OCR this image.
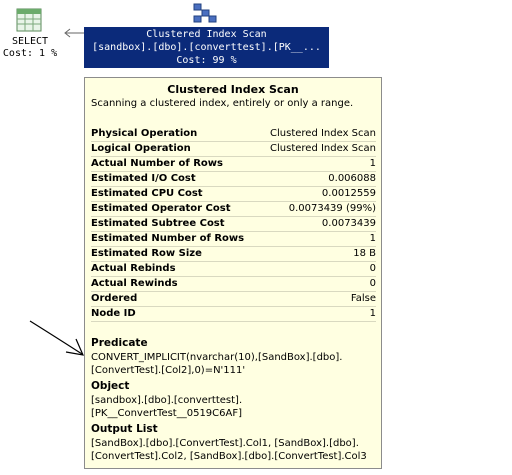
SELECT
Cost: 1 %
Clustered Index Scan
[sandbox].[dbo].[converttest].[PK__...
Cost: 99 %
Clustered Index Scan
Scanning a clustered index, entirely or only a range.
Physical Operation	Clustered Index Scan
Logical Operation	Clustered Index Scan
Actual Number of Rows	1
Estimated I/O Cost	0.006088
Estimated CPU Cost	0.0012559
Estimated Operator Cost	0.0073439 (99%)
Estimated Subtree Cost	0.0073439
Estimated Number of Rows	1
Estimated Row Size	18 B
Actual Rebinds	0
Actual Rewinds	0
Ordered	False
Node ID	1
Predicate
CONVERT_IMPLICIT(nvarchar(10),[SandBox].[dbo].
[ConvertTest].[Col2],0)=N'111'
Object
[sandbox].[dbo].[converttest].
[PK__ConvertTest__0519C6AF]
Output List
[SandBox].[dbo].[ConvertTest].Col1, [SandBox].[dbo].
[ConvertTest].Col2, [SandBox].[dbo].[ConvertTest].Col3
